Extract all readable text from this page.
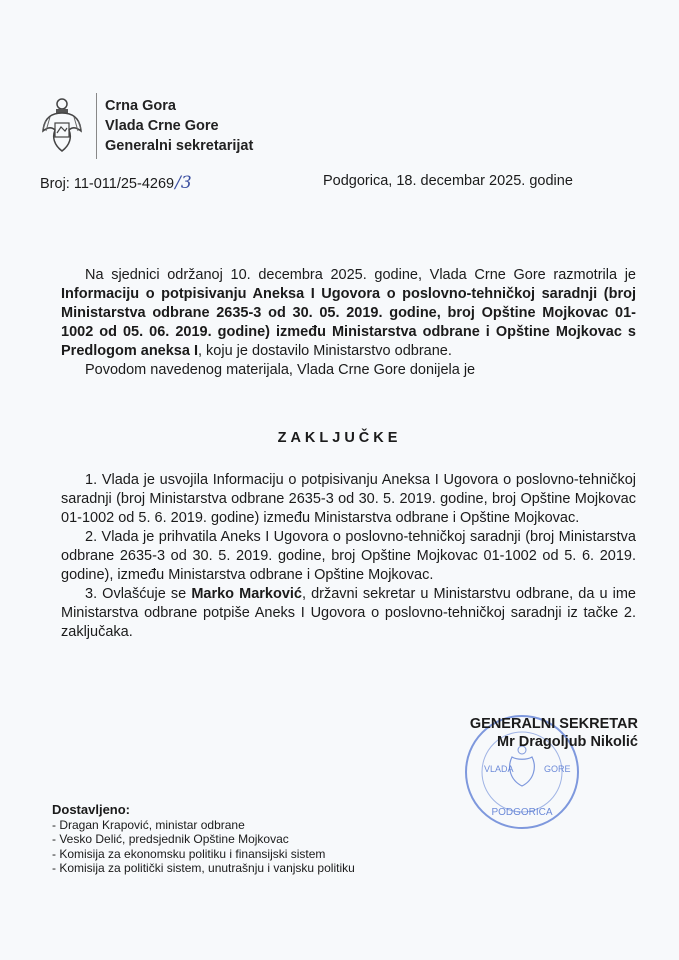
Crna Gora
Vlada Crne Gore
Generalni sekretarijat
Broj: 11-011/25-4269/3	Podgorica, 18. decembar 2025. godine

Na sjednici održanoj 10. decembra 2025. godine, Vlada Crne Gore razmotrila je Informaciju o potpisivanju Aneksa I Ugovora o poslovno-tehničkoj saradnji (broj Ministarstva odbrane 2635-3 od 30. 05. 2019. godine, broj Opštine Mojkovac 01-1002 od 05. 06. 2019. godine) između Ministarstva odbrane i Opštine Mojkovac s Predlogom aneksa I, koju je dostavilo Ministarstvo odbrane.

Povodom navedenog materijala, Vlada Crne Gore donijela je

ZAKLJUČKE

1. Vlada je usvojila Informaciju o potpisivanju Aneksa I Ugovora o poslovno-tehničkoj saradnji (broj Ministarstva odbrane 2635-3 od 30. 5. 2019. godine, broj Opštine Mojkovac 01-1002 od 5. 6. 2019. godine) između Ministarstva odbrane i Opštine Mojkovac.

2. Vlada je prihvatila Aneks I Ugovora o poslovno-tehničkoj saradnji (broj Ministarstva odbrane 2635-3 od 30. 5. 2019. godine, broj Opštine Mojkovac 01-1002 od 5. 6. 2019. godine), između Ministarstva odbrane i Opštine Mojkovac.

3. Ovlašćuje se Marko Marković, državni sekretar u Ministarstvu odbrane, da u ime Ministarstva odbrane potpiše Aneks I Ugovora o poslovno-tehničkoj saradnji iz tačke 2. zaključaka.

PODGORICA
VLADA	GORE
GENERALNI SEKRETAR
Mr Dragoljub Nikolić
Dostavljeno:
- Dragan Krapović, ministar odbrane
- Vesko Delić, predsjednik Opštine Mojkovac
- Komisija za ekonomsku politiku i finansijski sistem
- Komisija za politički sistem, unutrašnju i vanjsku politiku
